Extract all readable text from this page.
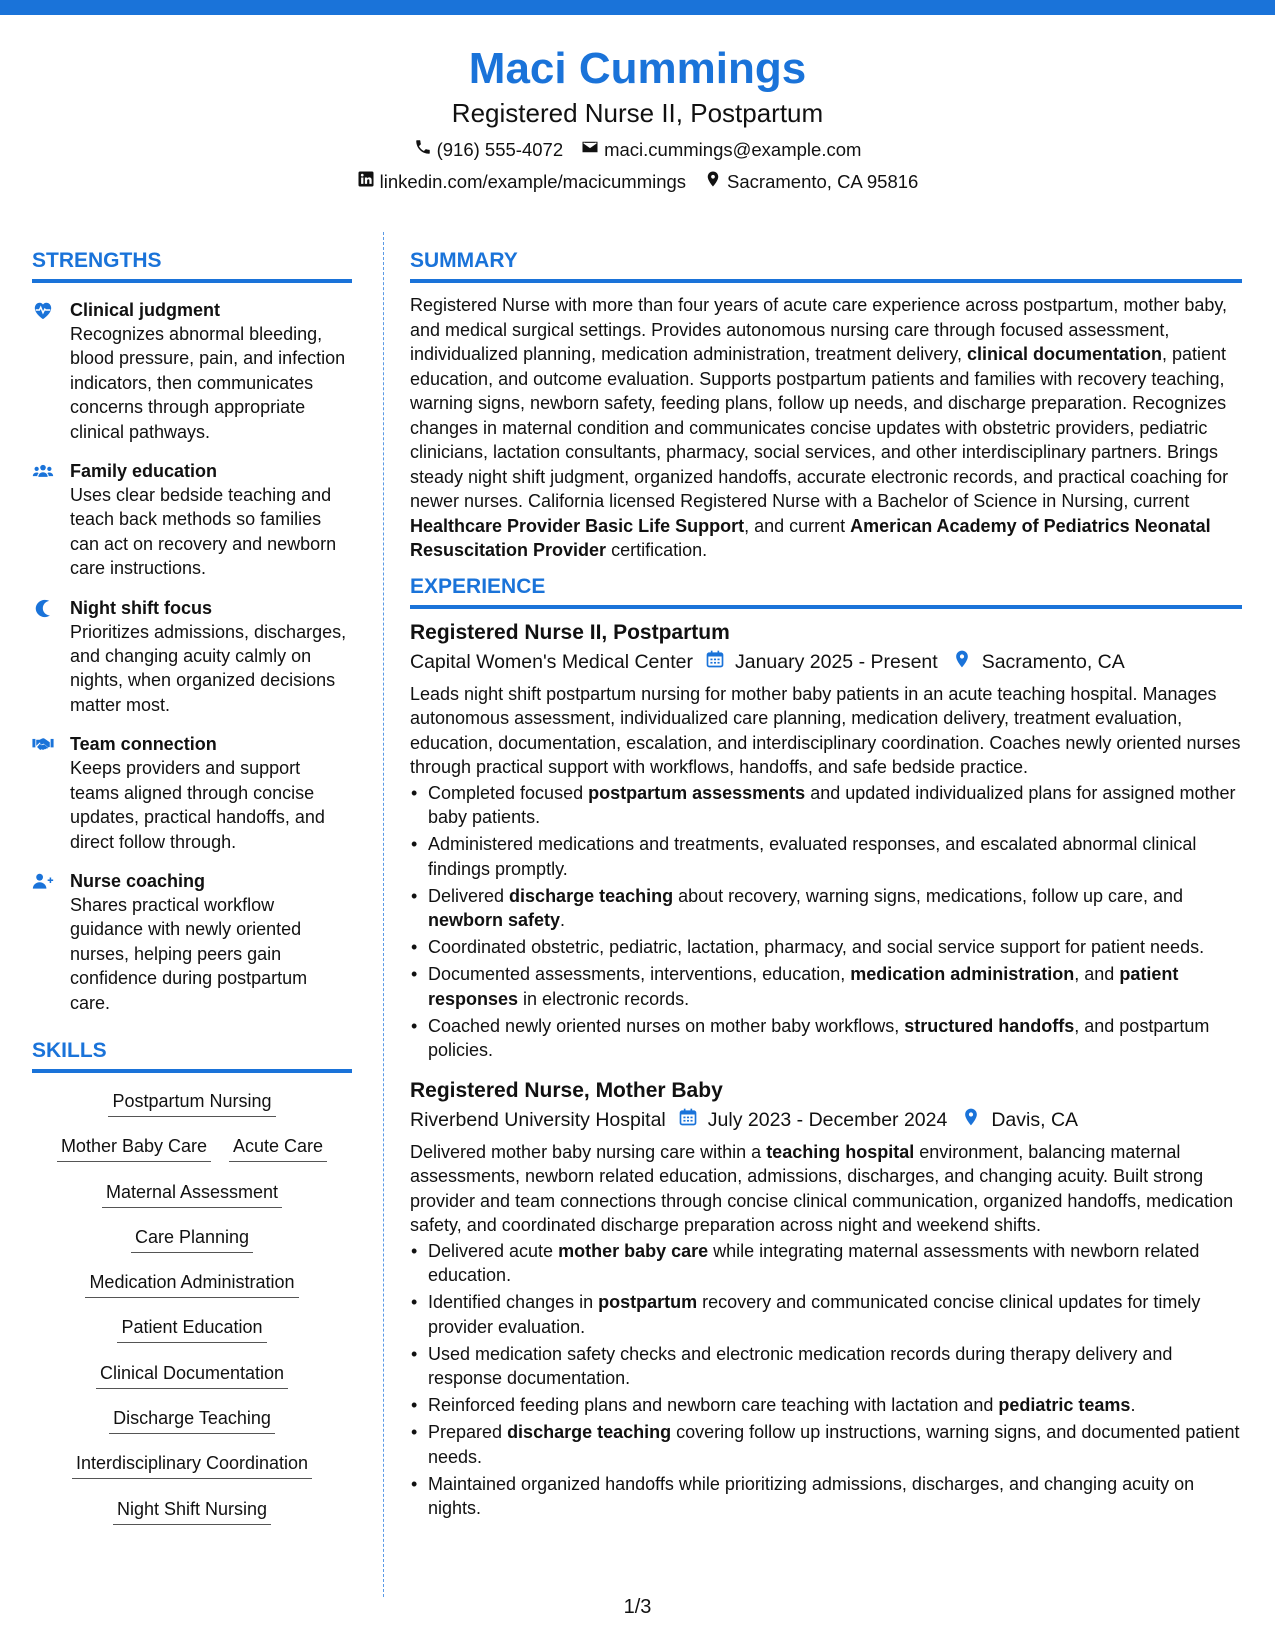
Maci Cummings
Registered Nurse II, Postpartum
(916) 555-4072 maci.cummings@example.com
linkedin.com/example/macicummings Sacramento, CA 95816
STRENGTHS
Clinical judgment
Recognizes abnormal bleeding, blood pressure, pain, and infection indicators, then communicates concerns through appropriate clinical pathways.
Family education
Uses clear bedside teaching and teach back methods so families can act on recovery and newborn care instructions.
Night shift focus
Prioritizes admissions, discharges, and changing acuity calmly on nights, when organized decisions matter most.
Team connection
Keeps providers and support teams aligned through concise updates, practical handoffs, and direct follow through.
Nurse coaching
Shares practical workflow guidance with newly oriented nurses, helping peers gain confidence during postpartum care.
SKILLS
Postpartum Nursing
Mother Baby Care Acute Care
Maternal Assessment
Care Planning
Medication Administration
Patient Education
Clinical Documentation
Discharge Teaching
Interdisciplinary Coordination
Night Shift Nursing
SUMMARY
Registered Nurse with more than four years of acute care experience across postpartum, mother baby, and medical surgical settings. Provides autonomous nursing care through focused assessment, individualized planning, medication administration, treatment delivery, clinical documentation, patient education, and outcome evaluation. Supports postpartum patients and families with recovery teaching, warning signs, newborn safety, feeding plans, follow up needs, and discharge preparation. Recognizes changes in maternal condition and communicates concise updates with obstetric providers, pediatric clinicians, lactation consultants, pharmacy, social services, and other interdisciplinary partners. Brings steady night shift judgment, organized handoffs, accurate electronic records, and practical coaching for newer nurses. California licensed Registered Nurse with a Bachelor of Science in Nursing, current Healthcare Provider Basic Life Support, and current American Academy of Pediatrics Neonatal Resuscitation Provider certification.
EXPERIENCE
Registered Nurse II, Postpartum
Capital Women's Medical Center January 2025 - Present Sacramento, CA
Leads night shift postpartum nursing for mother baby patients in an acute teaching hospital. Manages autonomous assessment, individualized care planning, medication delivery, treatment evaluation, education, documentation, escalation, and interdisciplinary coordination. Coaches newly oriented nurses through practical support with workflows, handoffs, and safe bedside practice.
• Completed focused postpartum assessments and updated individualized plans for assigned mother baby patients.
• Administered medications and treatments, evaluated responses, and escalated abnormal clinical findings promptly.
• Delivered discharge teaching about recovery, warning signs, medications, follow up care, and newborn safety.
• Coordinated obstetric, pediatric, lactation, pharmacy, and social service support for patient needs.
• Documented assessments, interventions, education, medication administration, and patient responses in electronic records.
• Coached newly oriented nurses on mother baby workflows, structured handoffs, and postpartum policies.
Registered Nurse, Mother Baby
Riverbend University Hospital July 2023 - December 2024 Davis, CA
Delivered mother baby nursing care within a teaching hospital environment, balancing maternal assessments, newborn related education, admissions, discharges, and changing acuity. Built strong provider and team connections through concise clinical communication, organized handoffs, medication safety, and coordinated discharge preparation across night and weekend shifts.
• Delivered acute mother baby care while integrating maternal assessments with newborn related education.
• Identified changes in postpartum recovery and communicated concise clinical updates for timely provider evaluation.
• Used medication safety checks and electronic medication records during therapy delivery and response documentation.
• Reinforced feeding plans and newborn care teaching with lactation and pediatric teams.
• Prepared discharge teaching covering follow up instructions, warning signs, and documented patient needs.
• Maintained organized handoffs while prioritizing admissions, discharges, and changing acuity on nights.
1/3
